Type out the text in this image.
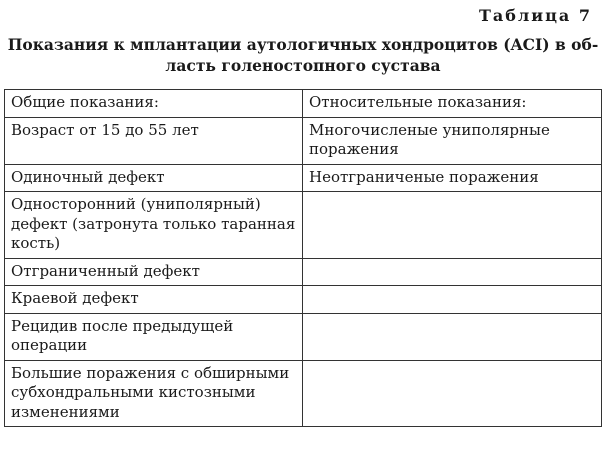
Таблица 7
Показания к мплантации аутологичных хондроцитов (ACI) в об-
ласть голеностопного сустава
Общие показания:	Относительные показания:
Возраст от 15 до 55 лет	Многочисленые униполярные поражения
Одиночный дефект	Неотграниченые поражения
Односторонний (униполярный) дефект (затронута только таранная кость)	
Отграниченный дефект	
Краевой дефект	
Рецидив после предыдущей операции	
Большие поражения с обширными субхондральными кистозными изменениями	
